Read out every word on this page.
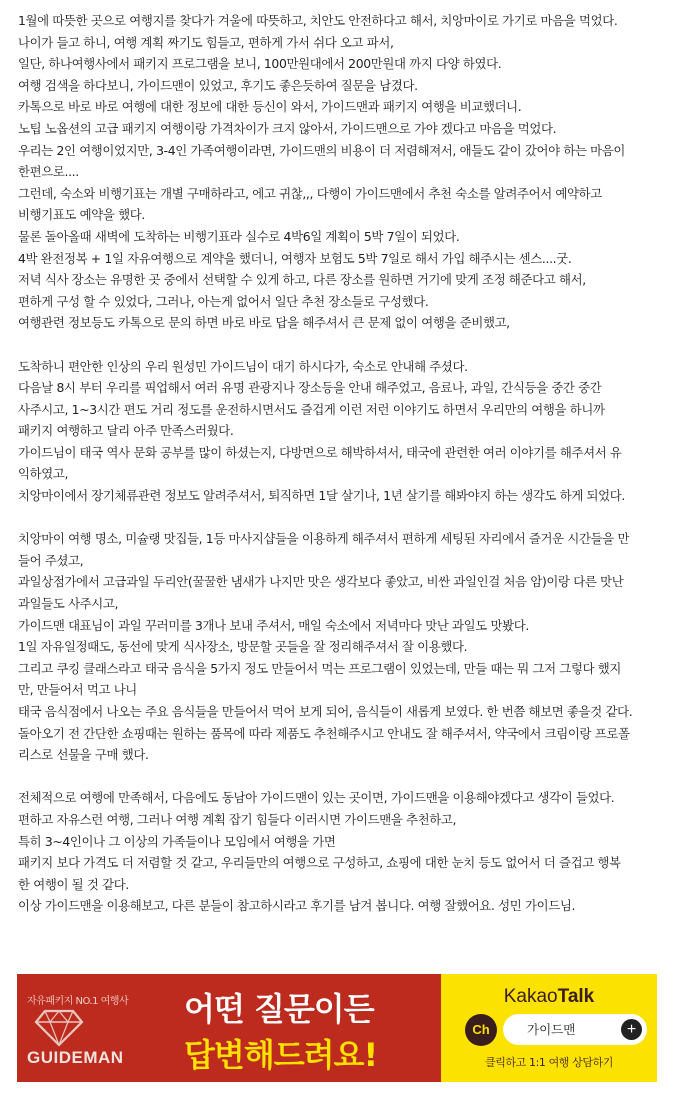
1월에 따뜻한 곳으로 여행지를 찾다가 겨울에 따뜻하고, 치안도 안전하다고 해서, 치앙마이로 가기로 마음을 먹었다.
나이가 들고 하니, 여행 계획 짜기도 힘들고, 편하게 가서 쉬다 오고 파서,
일단, 하나여행사에서 패키지 프로그램을 보니, 100만원대에서 200만원대 까지 다양 하였다.
여행 검색을 하다보니, 가이드맨이 있었고, 후기도 좋은듯하여 질문을 남겼다.
카톡으로 바로 바로 여행에 대한 정보에 대한 등신이 와서, 가이드맨과 패키지 여행을 비교했더니.
노팁 노옵션의 고급 패키지 여행이랑 가격차이가 크지 않아서, 가이드맨으로 가야 겠다고 마음을 먹었다.
우리는 2인 여행이었지만, 3-4인 가족여행이라면, 가이드맨의 비용이 더 저렴해져서, 애들도 같이 갔어야 하는 마음이
한편으로....
그런데, 숙소와 비행기표는 개별 구매하라고, 에고 귀찮,,, 다행이 가이드맨에서 추천 숙소를 알려주어서 예약하고
비행기표도 예약을 했다.
물론 돌아올때 새벽에 도착하는 비행기표라 실수로 4박6일 계획이 5박 7일이 되었다.
4박 완전정복 + 1일 자유여행으로 계약을 했더니, 여행자 보험도 5박 7일로 해서 가입 해주시는 센스....굿.
저녁 식사 장소는 유명한 곳 중에서 선택할 수 있게 하고, 다른 장소를 원하면 거기에 맞게 조정 해준다고 해서,
편하게 구성 할 수 있었다, 그러나, 아는게 없어서 일단 추천 장소들로 구성했다.
여행관련 정보등도 카톡으로 문의 하면 바로 바로 답을 해주셔서 큰 문제 없이 여행을 준비했고,
도착하니 편안한 인상의 우리 원성민 가이드님이 대기 하시다가, 숙소로 안내해 주셨다.
다음날 8시 부터 우리를 픽업해서 여러 유명 관광지나 장소등을 안내 해주었고, 음료나, 과일, 간식등을 중간 중간
사주시고, 1~3시간 편도 거리 정도를 운전하시면서도 즐겁게 이런 저런 이야기도 하면서 우리만의 여행을 하니까
패키지 여행하고 달리 아주 만족스러웠다.
가이드님이 태국 역사 문화 공부를 많이 하셨는지, 다방면으로 해박하셔서, 태국에 관련한 여러 이야기를 해주셔서 유
익하였고,
치앙마이에서 장기체류관련 정보도 알려주셔서, 퇴직하면 1달 살기나, 1년 살기를 해봐야지 하는 생각도 하게 되었다.
치앙마이 여행 명소, 미슐랭 맛집들, 1등 마사지샵들을 이용하게 해주셔서 편하게 세팅된 자리에서 즐거운 시간들을 만
들어 주셨고,
과일상점가에서 고급과일 두리안(꿀꿀한 냄새가 나지만 맛은 생각보다 좋았고, 비싼 과일인걸 처음 암)이랑 다른 맛난
과일들도 사주시고,
가이드맨 대표님이 과일 꾸러미를 3개나 보내 주셔서, 매일 숙소에서 저녁마다 맛난 과일도 맛봤다.
1일 자유일정때도, 동선에 맞게 식사장소, 방문할 곳들을 잘 정리해주셔서 잘 이용했다.
그리고 쿠킹 클래스라고 태국 음식을 5가지 정도 만들어서 먹는 프로그램이 있었는데, 만들 때는 뭐 그저 그렇다 했지
만, 만들어서 먹고 나니
태국 음식점에서 나오는 주요 음식들을 만들어서 먹어 보게 되어, 음식들이 새롭게 보였다. 한 번쯤 해보면 좋을것 같다.
돌아오기 전 간단한 쇼핑때는 원하는 품목에 따라 제품도 추천해주시고 안내도 잘 해주셔서, 약국에서 크림이랑 프로폴
리스로 선물을 구매 했다.
전체적으로 여행에 만족해서, 다음에도 동남아 가이드맨이 있는 곳이면, 가이드맨을 이용해야겠다고 생각이 들었다.
편하고 자유스런 여행, 그러나 여행 계획 잡기 힘들다 이러시면 가이드맨을 추천하고,
특히 3~4인이나 그 이상의 가족들이나 모임에서 여행을 가면
패키지 보다 가격도 더 저렴할 것 같고, 우리들만의 여행으로 구성하고, 쇼핑에 대한 눈치 등도 없어서 더 즐겁고 행복
한 여행이 될 것 같다.
이상 가이드맨을 이용해보고, 다른 분들이 참고하시라고 후기를 남겨 봅니다. 여행 잘했어요. 성민 가이드님.
자유패키지 NO.1 여행사
GUIDEMAN
어떤 질문이든
답변해드려요!
KakaoTalk
Ch	가이드맨	+
클릭하고 1:1 여행 상담하기
